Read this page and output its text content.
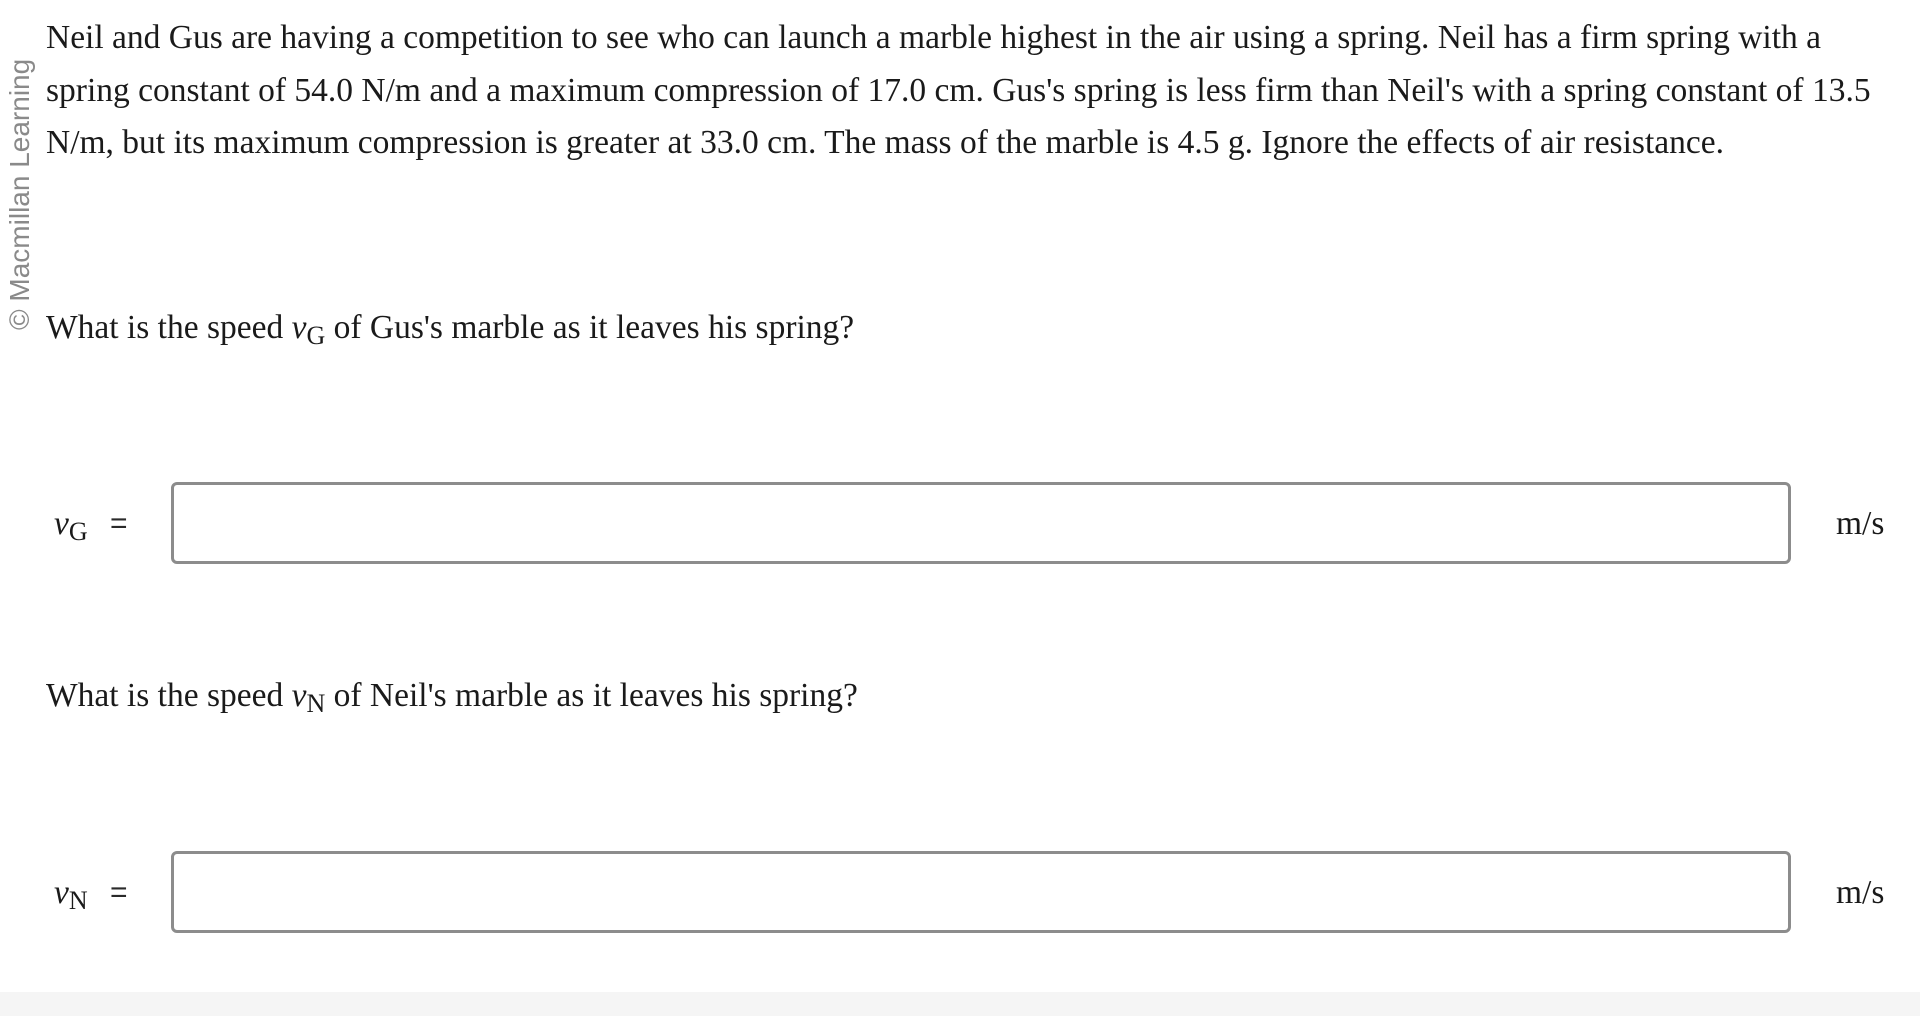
© Macmillan Learning

Neil and Gus are having a competition to see who can launch a marble highest in the air using a spring. Neil has a firm spring with a spring constant of 54.0 N/m and a maximum compression of 17.0 cm. Gus's spring is less firm than Neil's with a spring constant of 13.5 N/m, but its maximum compression is greater at 33.0 cm. The mass of the marble is 4.5 g. Ignore the effects of air resistance.

What is the speed $v_G$ of Gus's marble as it leaves his spring?

$v_G$ =	m/s

What is the speed $v_N$ of Neil's marble as it leaves his spring?

$v_N$ =	m/s
